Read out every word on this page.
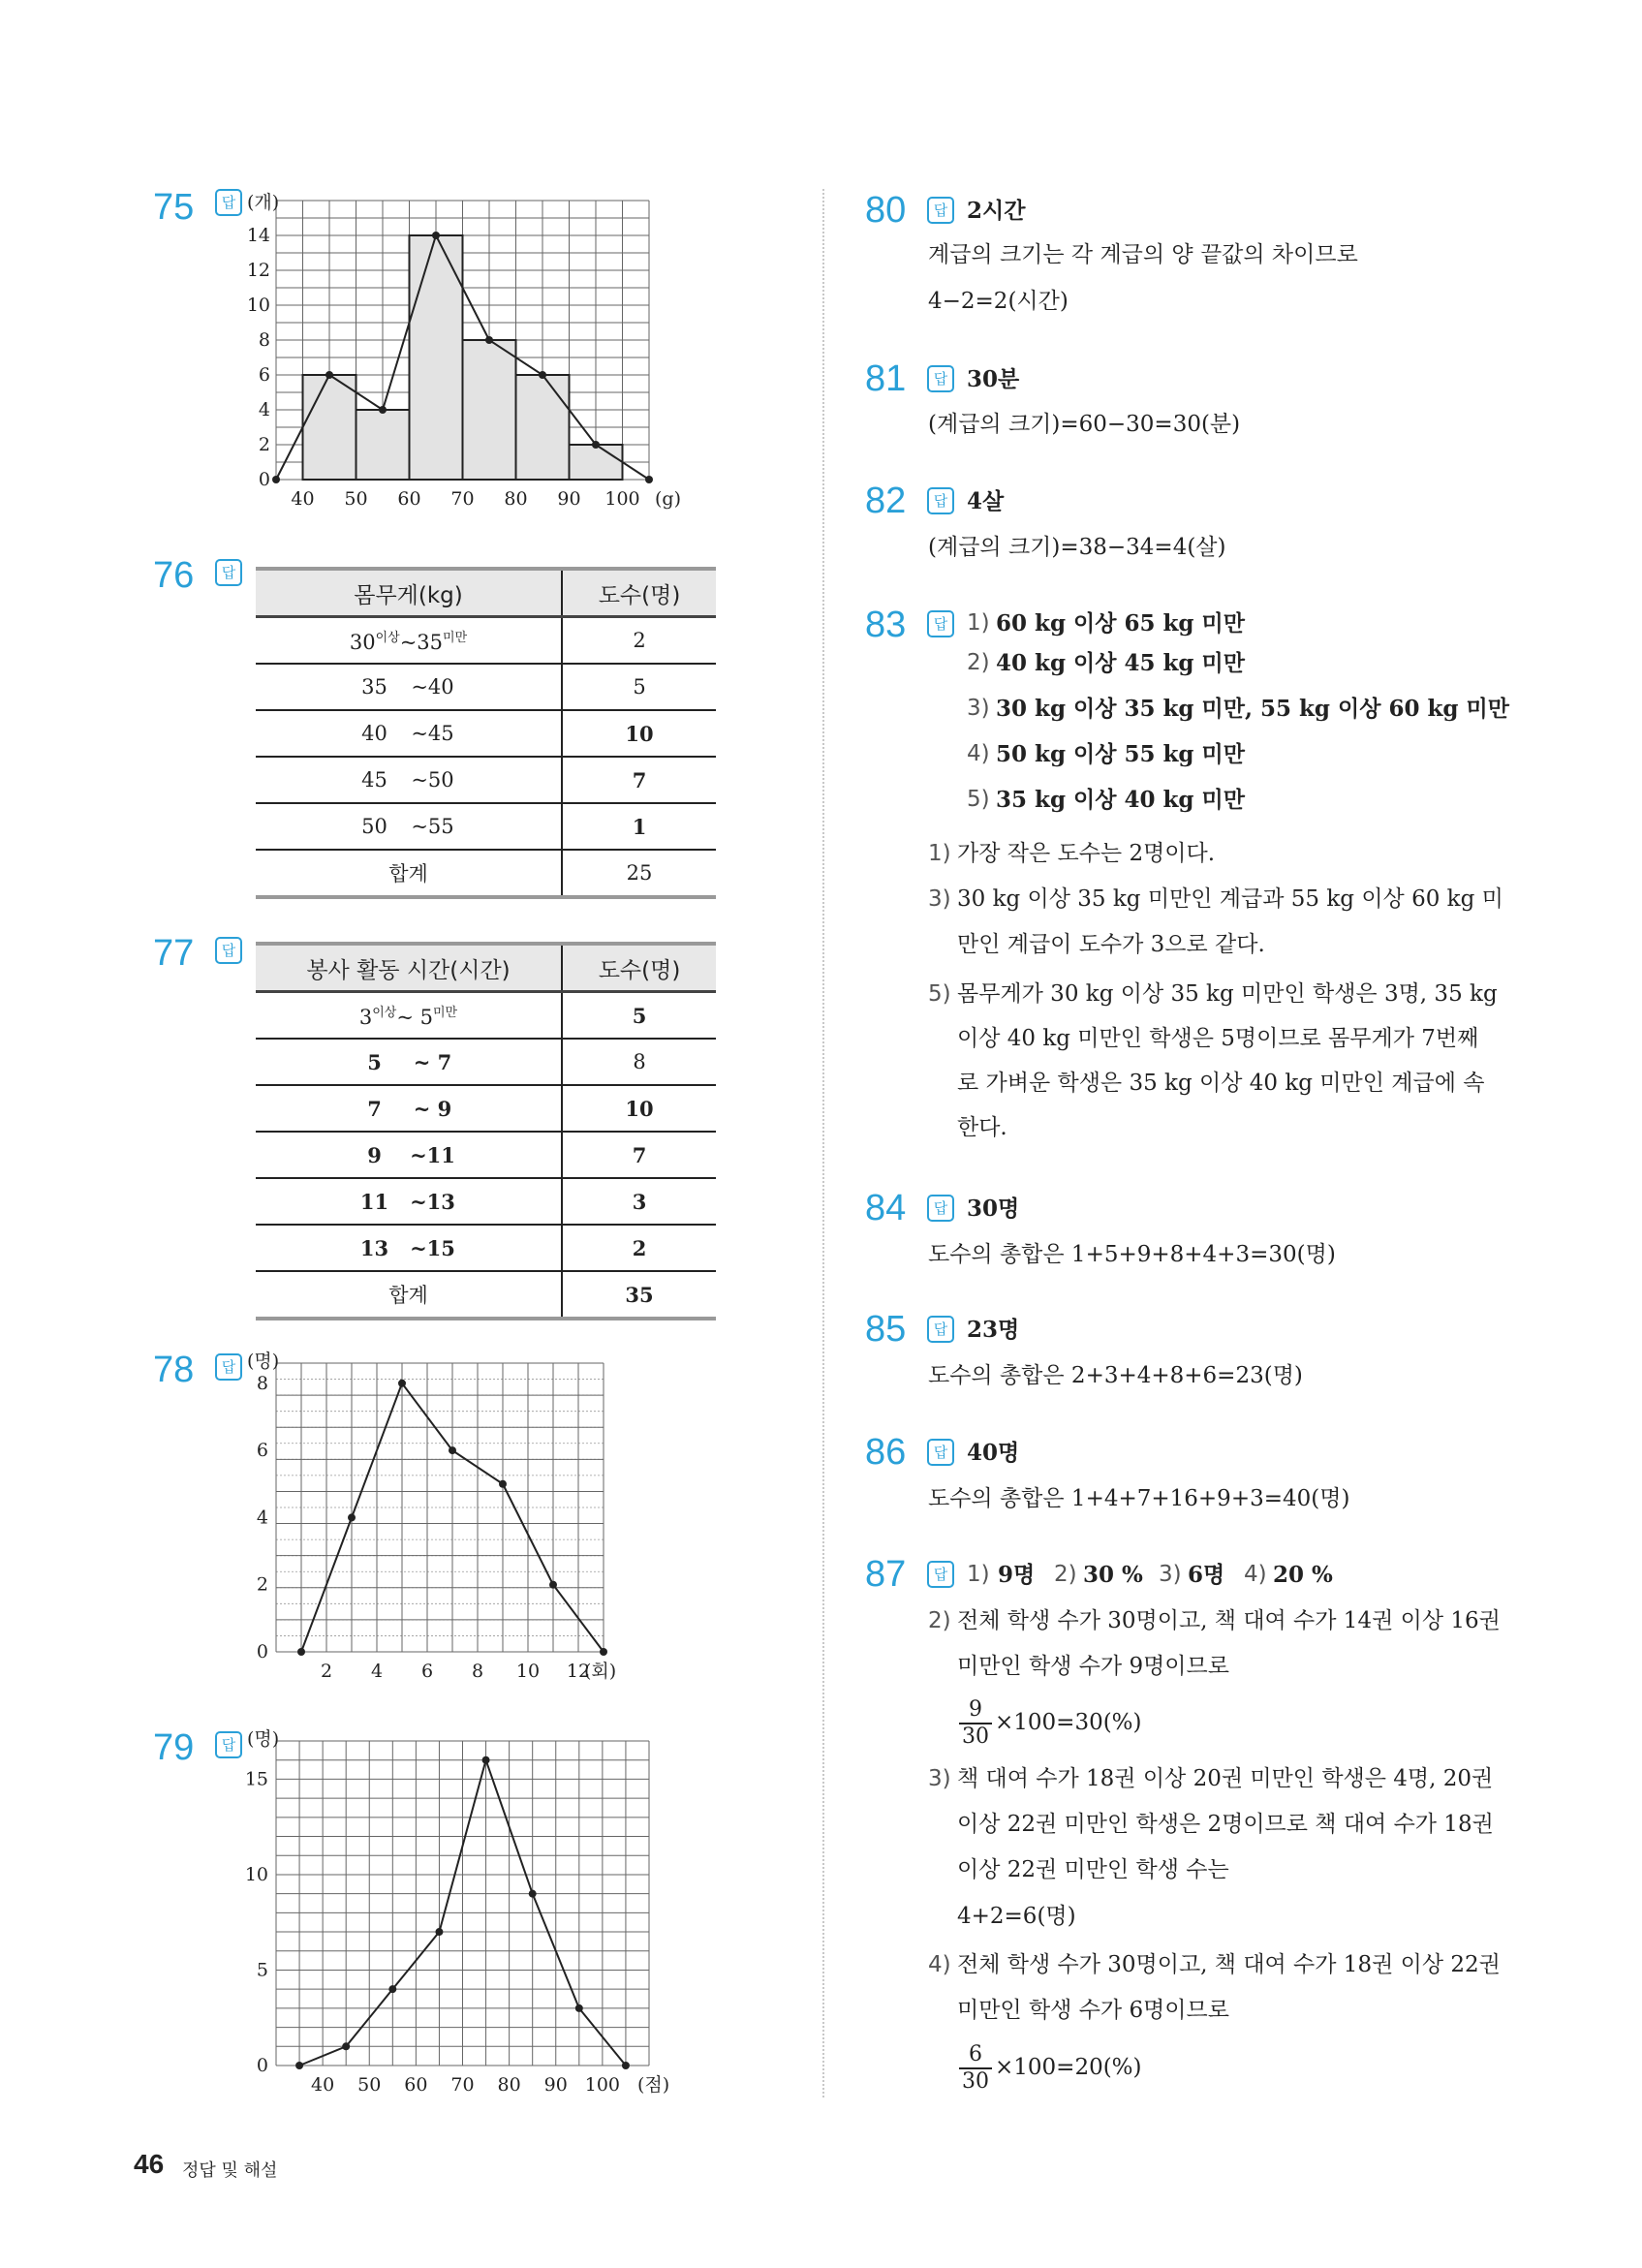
75	답 (개)
0
2
4
6
8
10
12
14
40 50 60 70 80 90 100 (g)
76	답
몸무게(kg)	도수(명)
$30^{이상}\sim 35^{미만}$	2
35 ~40	5
40 ~45	10
45 ~50	7
50 ~55	1
합계	25
77	답
봉사 활동 시간(시간)	도수(명)
$3^{이상}\sim$ $5^{미만}$	5
5 ~ 7	8
7 ~ 9	10
9 ~11	7
11 ~13	3
13 ~15	2
합계	35
78	답 (명)
0
2
4
6
8
2 4 6 8 10 12
(회)
79	답 (명)
0
5
10
15
40 50 60 70 80 90 100 (점)
80	답 2시간
계급의 크기는 각 계급의 양 끝값의 차이므로
4−2=2(시간)
81	답 30분
(계급의 크기)=60−30=30(분)
82	답 4살
(계급의 크기)=38−34=4(살)
83	답 1) 60 kg 이상 65 kg 미만
2) 40 kg 이상 45 kg 미만
3) 30 kg 이상 35 kg 미만, 55 kg 이상 60 kg 미만
4) 50 kg 이상 55 kg 미만
5) 35 kg 이상 40 kg 미만
1) 가장 작은 도수는 2명이다.
3) 30 kg 이상 35 kg 미만인 계급과 55 kg 이상 60 kg 미
만인 계급이 도수가 3으로 같다.
5) 몸무게가 30 kg 이상 35 kg 미만인 학생은 3명, 35 kg
이상 40 kg 미만인 학생은 5명이므로 몸무게가 7번째
로 가벼운 학생은 35 kg 이상 40 kg 미만인 계급에 속
한다.
84	답 30명
도수의 총합은 1+5+9+8+4+3=30(명)
85	답 23명
도수의 총합은 2+3+4+8+6=23(명)
86	답 40명
도수의 총합은 1+4+7+16+9+3=40(명)
87	답 1) 9명 2) 30 % 3) 6명 4) 20 %
2) 전체 학생 수가 30명이고, 책 대여 수가 14권 이상 16권
미만인 학생 수가 9명이므로
$\frac{9}{30} \times 100=30(\%)$
3) 책 대여 수가 18권 이상 20권 미만인 학생은 4명, 20권
이상 22권 미만인 학생은 2명이므로 책 대여 수가 18권
이상 22권 미만인 학생 수는
4+2=6(명)
4) 전체 학생 수가 30명이고, 책 대여 수가 18권 이상 22권
미만인 학생 수가 6명이므로
$\frac{6}{30} \times 100=20(\%)$
46 정답 및 해설
